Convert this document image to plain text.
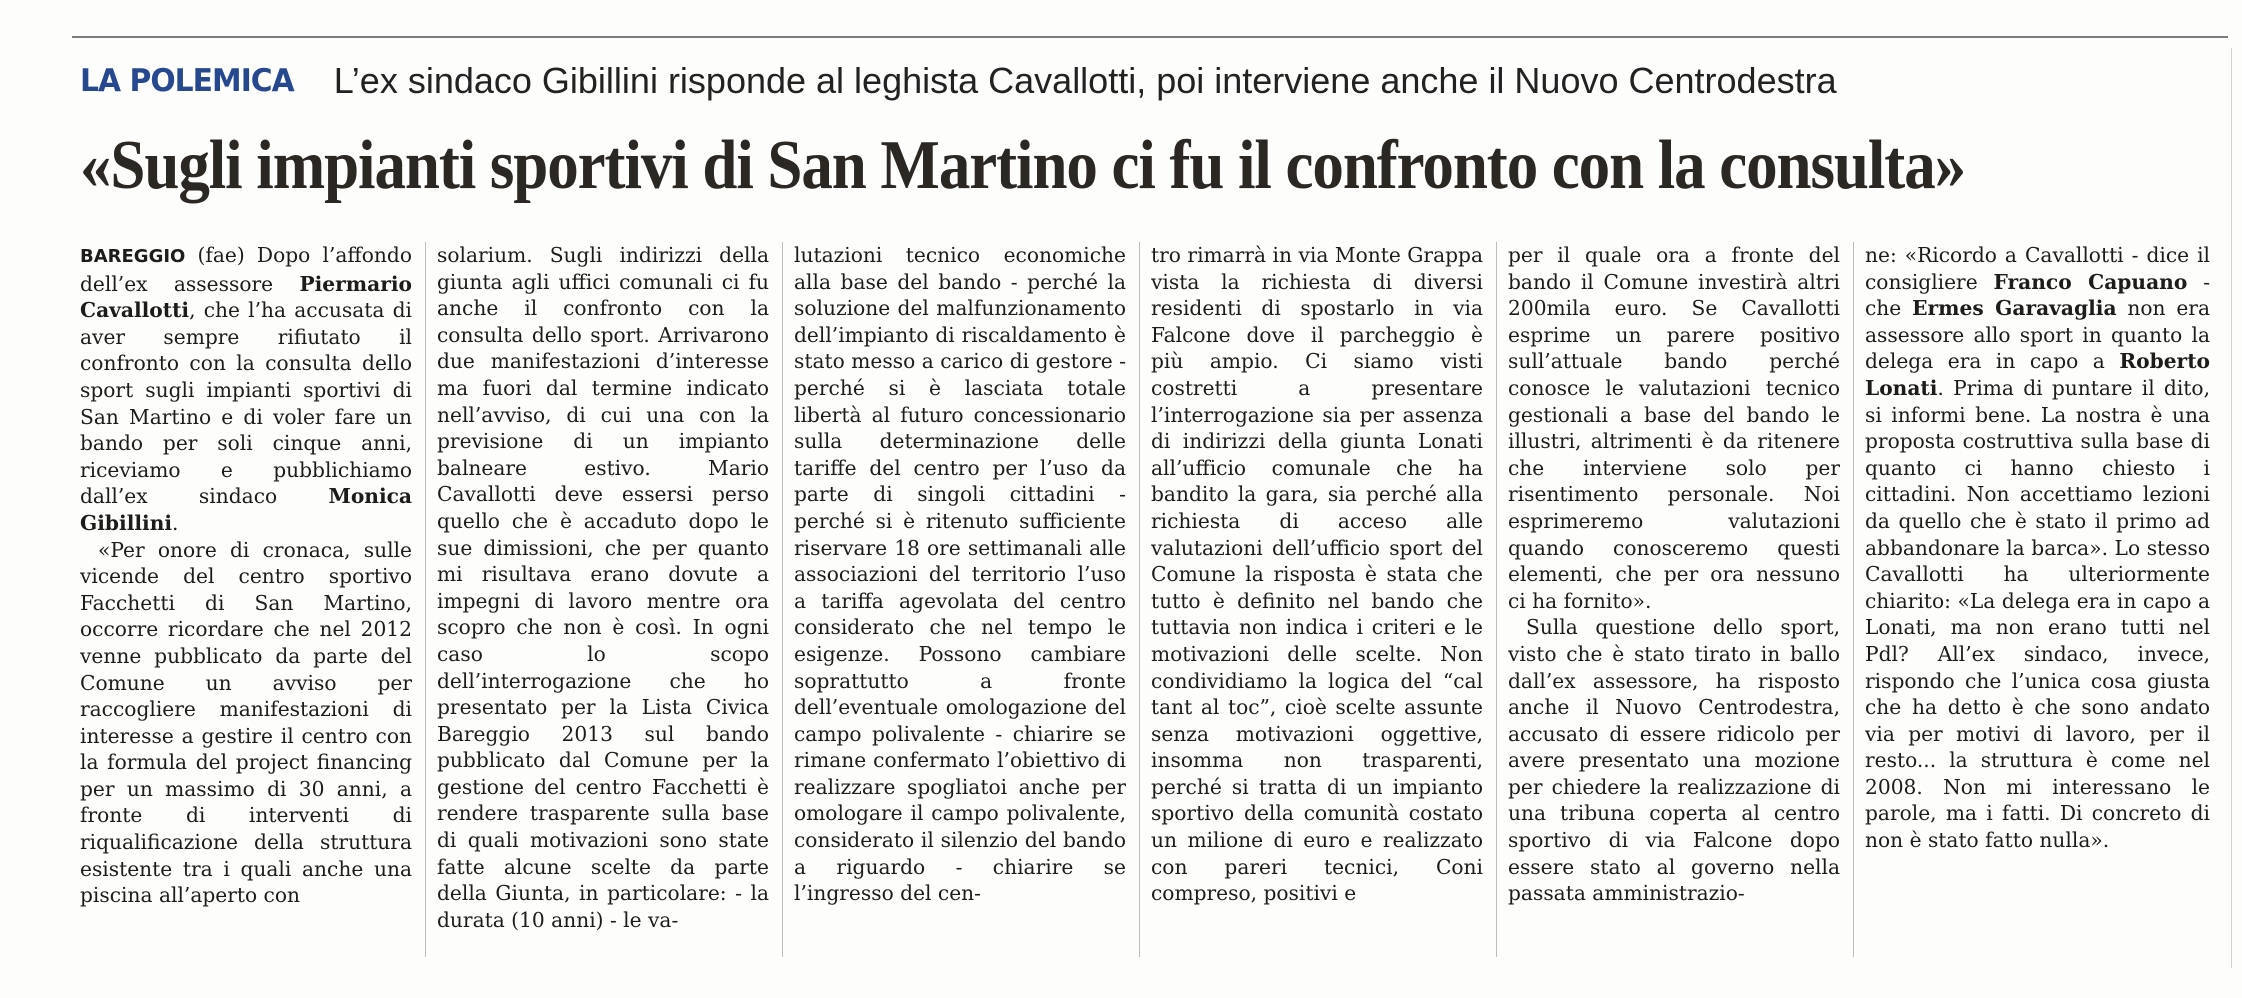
LA POLEMICA L’ex sindaco Gibillini risponde al leghista Cavallotti, poi interviene anche il Nuovo Centrodestra
«Sugli impianti sportivi di San Martino ci fu il confronto con la consulta»

BAREGGIO (fae) Dopo l’affondo dell’ex assessore Piermario Cavallotti, che l’ha accusata di aver sempre rifiutato il confronto con la consulta dello sport sugli impianti sportivi di San Martino e di voler fare un bando per soli cinque anni, riceviamo e pubblichiamo dall’ex sindaco	Monica Gibillini.

«Per onore di cronaca, sulle vicende del centro sportivo Facchetti di San Martino, occorre ricordare che nel 2012 venne pubblicato da parte del Comune un avviso per raccogliere manifestazioni di interesse a gestire il centro con la formula del project financing per un massimo di 30 anni, a fronte di interventi di riqualificazione della struttura esistente tra i quali anche una piscina all’aperto con

solarium. Sugli indirizzi della giunta agli uffici comunali ci fu anche il confronto con la consulta dello sport. Arrivarono due manifestazioni d’interesse ma fuori dal termine indicato nell’avviso, di cui una con la previsione di un impianto balneare estivo. Mario Cavallotti deve essersi perso quello che è accaduto dopo le sue dimissioni, che per quanto mi risultava erano dovute a impegni di lavoro mentre ora scopro che non è così. In ogni caso lo scopo dell’interrogazione che ho presentato per la Lista Civica Bareggio 2013 sul bando pubblicato dal Comune per la gestione del centro Facchetti è rendere trasparente sulla base di quali motivazioni sono state fatte alcune scelte da parte della Giunta, in particolare: - la durata (10 anni) - le va-

lutazioni tecnico economiche alla base del bando - perché la soluzione del malfunzionamento dell’impianto di riscaldamento è stato messo a carico di gestore - perché si è lasciata totale libertà al futuro concessionario sulla determinazione delle tariffe del centro per l’uso da parte di singoli cittadini - perché si è ritenuto sufficiente riservare 18 ore settimanali alle associazioni del territorio l’uso a tariffa agevolata del centro considerato che nel tempo le esigenze. Possono cambiare soprattutto a fronte dell’eventuale omologazione del campo polivalente - chiarire se rimane confermato l’obiettivo di realizzare spogliatoi anche per omologare il campo polivalente, considerato il silenzio del bando a riguardo - chiarire se l’ingresso del cen-

tro rimarrà in via Monte Grappa vista la richiesta di diversi residenti di spostarlo in via Falcone dove il parcheggio è più ampio. Ci siamo visti costretti a presentare l’interrogazione sia per assenza di indirizzi della giunta Lonati all’ufficio comunale che ha bandito la gara, sia perché alla richiesta di acceso alle valutazioni dell’ufficio sport del Comune la risposta è stata che tutto è definito nel bando che tuttavia non indica i criteri e le motivazioni delle scelte. Non condividiamo la logica del “cal tant al toc”, cioè scelte assunte senza motivazioni oggettive, insomma non trasparenti, perché si tratta di un impianto sportivo della comunità costato un milione di euro e realizzato con pareri tecnici, Coni compreso, positivi e

per il quale ora a fronte del bando il Comune investirà altri 200mila euro. Se Cavallotti esprime un parere positivo sull’attuale bando perché conosce le valutazioni tecnico gestionali a base del bando le illustri, altrimenti è da ritenere che interviene solo per risentimento personale. Noi esprimeremo valutazioni quando conosceremo questi elementi, che per ora nessuno ci ha fornito».

Sulla questione dello sport, visto che è stato tirato in ballo dall’ex assessore, ha risposto anche il Nuovo Centrodestra, accusato di essere ridicolo per avere presentato una mozione per chiedere la realizzazione di una tribuna coperta al centro sportivo di via Falcone dopo essere stato al governo nella passata amministrazio-

ne: «Ricordo a Cavallotti - dice il consigliere Franco Capuano - che Ermes Garavaglia non era assessore allo sport in quanto la delega era in capo a Roberto Lonati. Prima di puntare il dito, si informi bene. La nostra è una proposta costruttiva sulla base di quanto ci hanno chiesto i cittadini. Non accettiamo lezioni da quello che è stato il primo ad abbandonare la barca». Lo stesso Cavallotti ha ulteriormente chiarito: «La delega era in capo a Lonati, ma non erano tutti nel Pdl? All’ex sindaco, invece, rispondo che l’unica cosa giusta che ha detto è che sono andato via per motivi di lavoro, per il resto... la struttura è come nel 2008. Non mi interessano le parole, ma i fatti. Di concreto di non è stato fatto nulla».
